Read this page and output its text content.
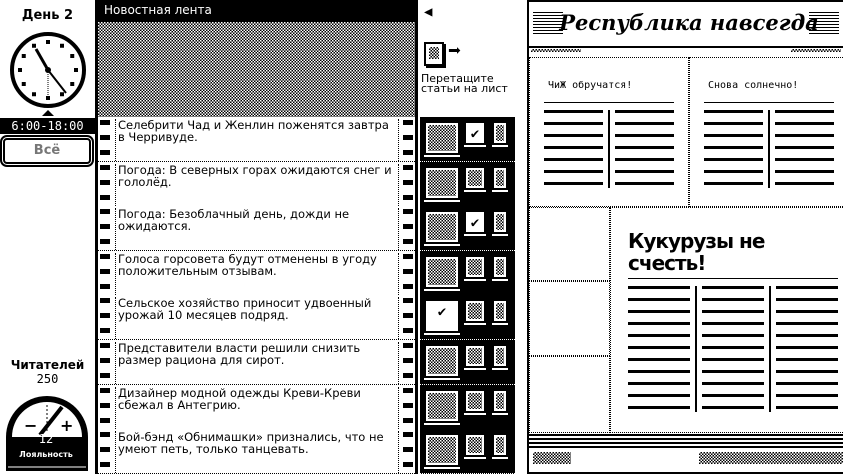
День 2
6:00-18:00
Всё
Читателей
250
− +
12
Лояльность
Новостная лента
Селебрити Чад и Женлин поженятся завтра в Черривуде.
Погода: В северных горах ожидаются снег и гололёд.
Погода: Безоблачный день, дожди не ожидаются.
Голоса горсовета будут отменены в угоду положительным отзывам.
Сельское хозяйство приносит удвоенный урожай 10 месяцев подряд.
Представители власти решили снизить размер рациона для сирот.
Дизайнер модной одежды Креви-Креви сбежал в Антегрию.
Бой-бэнд «Обнимашки» признались, что не умеют петь, только танцевать.
◀
➡
Перетащите статьи на лист
✔
✔
✔
Республика навсегда
ЧиЖ обручатся!	Снова солнечно!
Кукурузы не счесть!
